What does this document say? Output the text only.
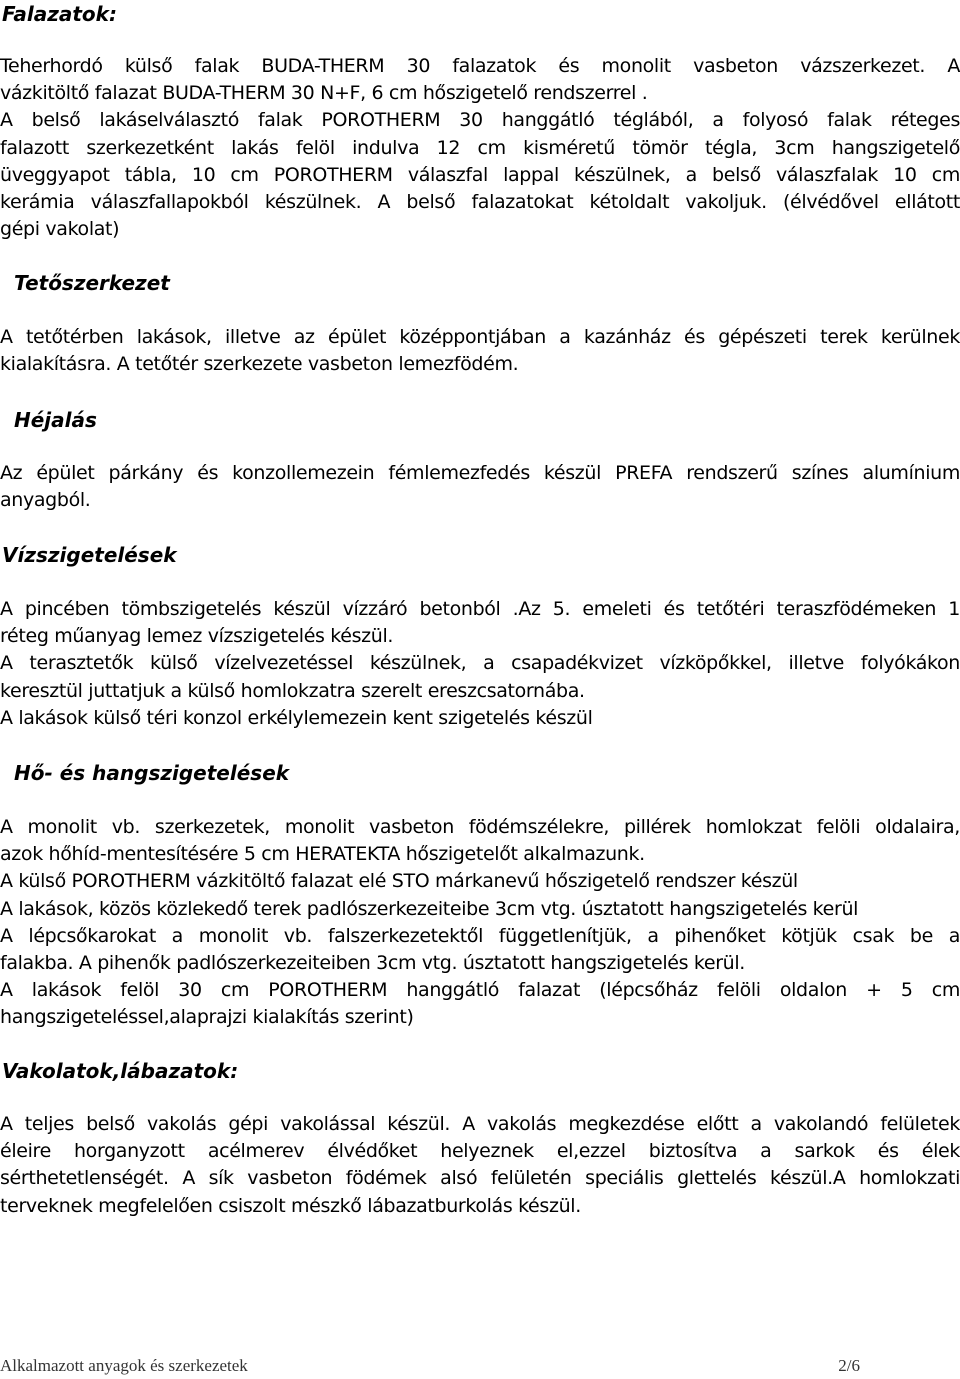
Falazatok:
Teherhordó külső falak BUDA-THERM 30 falazatok és monolit vasbeton vázszerkezet. A
vázkitöltő falazat BUDA-THERM 30 N+F, 6 cm hőszigetelő rendszerrel .
A belső lakáselválasztó falak POROTHERM 30 hanggátló téglából, a folyosó falak réteges
falazott szerkezetként lakás felöl indulva 12 cm kisméretű tömör tégla, 3cm hangszigetelő
üveggyapot tábla, 10 cm POROTHERM válaszfal lappal készülnek, a belső válaszfalak 10 cm
kerámia válaszfallapokból készülnek. A belső falazatokat kétoldalt vakoljuk. (élvédővel ellátott
gépi vakolat)
Tetőszerkezet
A tetőtérben lakások, illetve az épület középpontjában a kazánház és gépészeti terek kerülnek
kialakításra. A tetőtér szerkezete vasbeton lemezfödém.
Héjalás
Az épület párkány és konzollemezein fémlemezfedés készül PREFA rendszerű színes alumínium
anyagból.
Vízszigetelések
A pincében tömbszigetelés készül vízzáró betonból .Az 5. emeleti és tetőtéri teraszfödémeken 1
réteg műanyag lemez vízszigetelés készül.
A terasztetők külső vízelvezetéssel készülnek, a csapadékvizet vízköpőkkel, illetve folyókákon
keresztül juttatjuk a külső homlokzatra szerelt ereszcsatornába.
A lakások külső téri konzol erkélylemezein kent szigetelés készül
Hő- és hangszigetelések
A monolit vb. szerkezetek, monolit vasbeton födémszélekre, pillérek homlokzat felöli oldalaira,
azok hőhíd-mentesítésére 5 cm HERATEKTA hőszigetelőt alkalmazunk.
A külső POROTHERM vázkitöltő falazat elé STO márkanevű hőszigetelő rendszer készül
A lakások, közös közlekedő terek padlószerkezeiteibe 3cm vtg. úsztatott hangszigetelés kerül
A lépcsőkarokat a monolit vb. falszerkezetektől függetlenítjük, a pihenőket kötjük csak be a
falakba. A pihenők padlószerkezeiteiben 3cm vtg. úsztatott hangszigetelés kerül.
A lakások felöl 30 cm POROTHERM hanggátló falazat (lépcsőház felöli oldalon + 5 cm
hangszigeteléssel,alaprajzi kialakítás szerint)
Vakolatok,lábazatok:
A teljes belső vakolás gépi vakolással készül. A vakolás megkezdése előtt a vakolandó felületek
éleire horganyzott acélmerev élvédőket helyeznek el,ezzel biztosítva a sarkok és élek
sérthetetlenségét. A sík vasbeton födémek alsó felületén speciális glettelés készül.A homlokzati
terveknek megfelelően csiszolt mészkő lábazatburkolás készül.
Alkalmazott anyagok és szerkezetek	2/6
